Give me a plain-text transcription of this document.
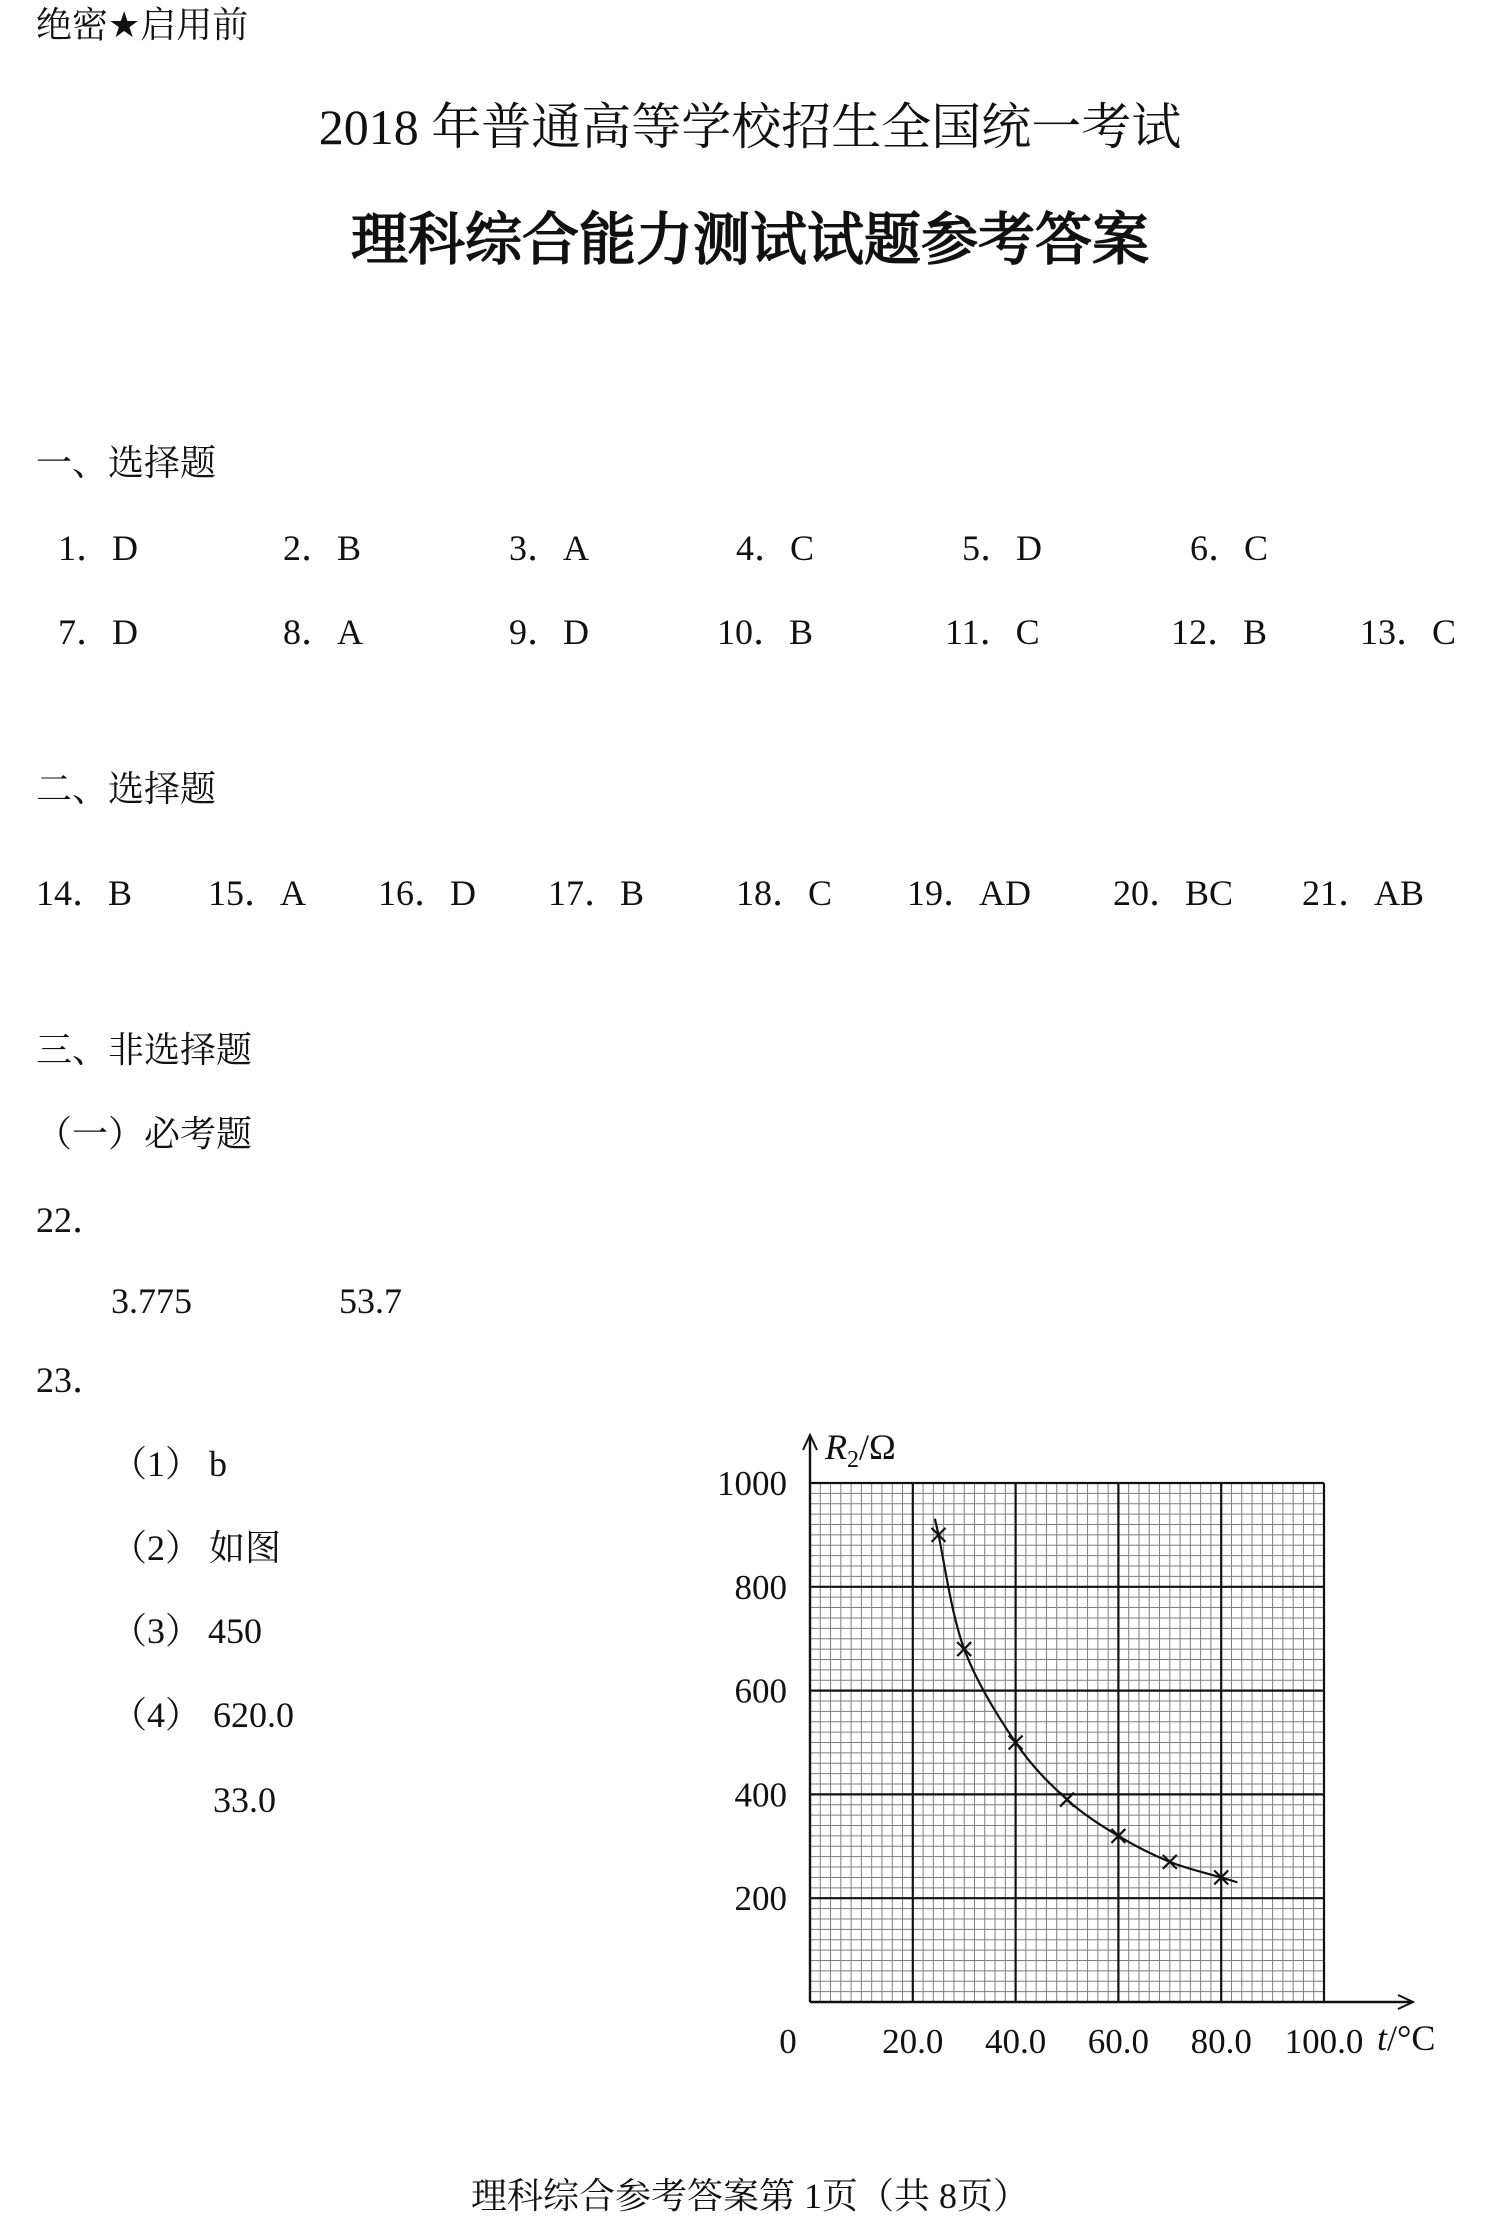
绝密★启用前
2018 年普通高等学校招生全国统一考试
理科综合能力测试试题参考答案
一、选择题
1．D	2．B	3．A	4．C	5．D	6．C
7．D	8．A	9．D	10．B	11．C	12．B	13．C
二、选择题
14．B 15．A 16．D 17．B	18．C 19．AD 20．BC 21．AB
三、非选择题
（一）必考题
22．
3.775	53.7
23．
（1） b
（2） 如图
（3） 450
（4） 620.0
33.0
200
400
600
800
1000
20.0 40.0 60.0 80.0 100.0
0	t/°C
$R_2/\Omega$
理科综合参考答案第 1页（共 8页）
